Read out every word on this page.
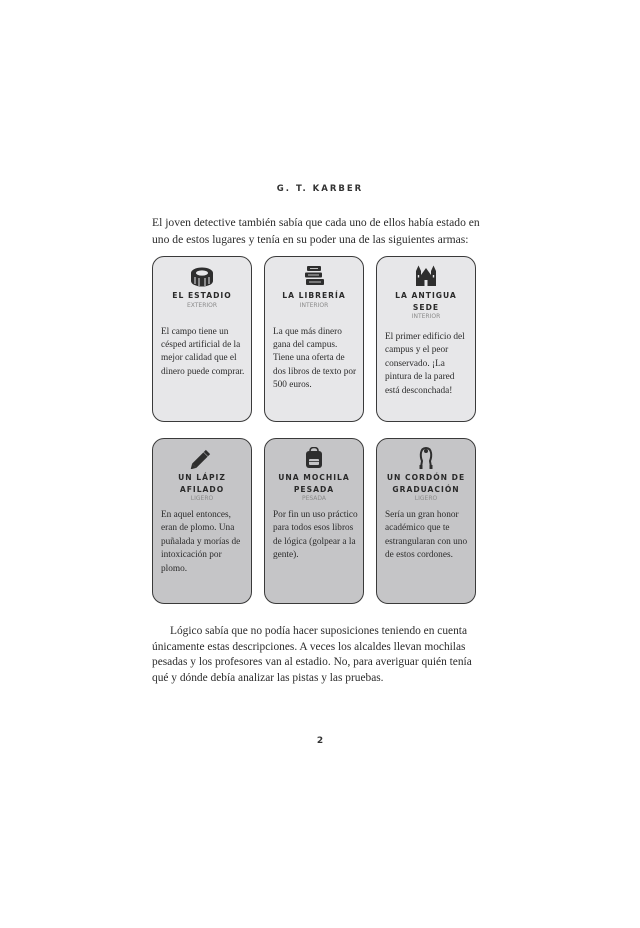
G. T. KARBER

El joven detective también sabía que cada uno de ellos había estado en uno de estos lugares y tenía en su poder una de las siguientes armas:

EL ESTADIO
EXTERIOR

El campo tiene un césped artificial de la mejor calidad que el dinero puede comprar.

LA LIBRERÍA
INTERIOR

La que más dinero gana del campus. Tiene una oferta de dos libros de texto por 500 euros.

LA ANTIGUA SEDE
INTERIOR

El primer edificio del campus y el peor conservado. ¡La pintura de la pared está desconchada!

UN LÁPIZ AFILADO
LIGERO

En aquel entonces, eran de plomo. Una puñalada y morías de intoxicación por plomo.

UNA MOCHILA PESADA
PESADA

Por fin un uso práctico para todos esos libros de lógica (golpear a la gente).

UN CORDÓN DE GRADUACIÓN
LIGERO

Sería un gran honor académico que te estrangularan con uno de estos cordones.

Lógico sabía que no podía hacer suposiciones teniendo en cuenta únicamente estas descripciones. A veces los alcaldes llevan mochilas pesadas y los profesores van al estadio. No, para averiguar quién tenía qué y dónde debía analizar las pistas y las pruebas.

2
